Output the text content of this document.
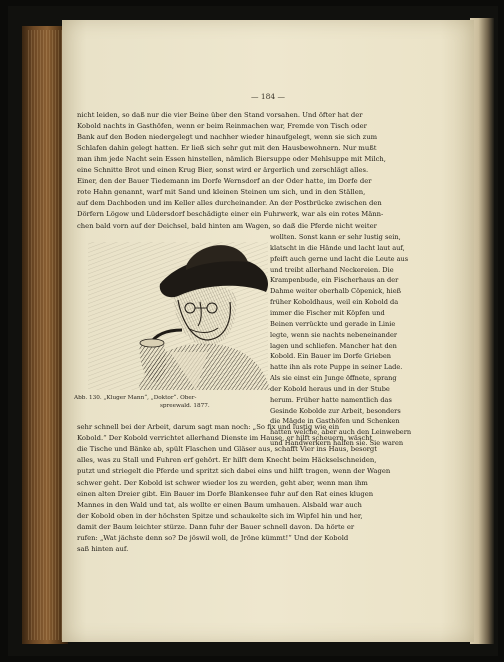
— 184 —
nicht leiden, so daß nur die vier Beine über den Stand vorsahen. Und öfter hat der
Kobold nachts in Gasthöfen, wenn er beim Reinmachen war, Fremde von Tisch oder
Bank auf den Boden niedergelegt und nachher wieder hinaufgelegt, wenn sie sich zum
Schlafen dahin gelegt hatten. Er ließ sich sehr gut mit den Hausbewohnern. Nur mußt
man ihm jede Nacht sein Essen hinstellen, nämlich Biersuppe oder Mehlsuppe mit Milch,
eine Schnitte Brot und einen Krug Bier, sonst wird er ärgerlich und zerschlägt alles.
Einer, den der Bauer Tiedemann im Dorfe Wernsdorf an der Oder hatte, im Dorfe der
rote Hahn genannt, warf mit Sand und kleinen Steinen um sich, und in den Ställen,
auf dem Dachboden und im Keller alles durcheinander. An der Postbrücke zwischen den
Dörfern Lögow und Lüdersdorf beschädigte einer ein Fuhrwerk, war als ein rotes Männ-
chen bald vorn auf der Deichsel, bald hinten am Wagen, so daß die Pferde nicht weiter
wollten. Sonst kann er sehr lustig sein,
klatscht in die Hände und lacht laut auf,
pfeift auch gerne und lacht die Leute aus
und treibt allerhand Neckereien. Die
Krampenbude, ein Fischerhaus an der
Dahme weiter oberhalb Cöpenick, hieß
früher Koboldhaus, weil ein Kobold da
immer die Fischer mit Köpfen und
Beinen verrückte und gerade in Linie
legte, wenn sie nachts nebeneinander
lagen und schliefen. Mancher hat den
Kobold. Ein Bauer im Dorfe Grieben
hatte ihn als rote Puppe in seiner Lade.
Als sie einst ein Junge öffnete, sprang
der Kobold heraus und in der Stube
herum. Früher hatte namentlich das
Gesinde Kobolde zur Arbeit, besonders
die Mägde in Gasthöfen und Schenken
hatten welche, aber auch den Leinwebern
und Handwerkern halfen sie. Sie waren
sehr schnell bei der Arbeit, darum sagt man noch: „So fix und lustig wie ein
Kobold.“ Der Kobold verrichtet allerhand Dienste im Hause, er hilft scheuern, wäscht
die Tische und Bänke ab, spült Flaschen und Gläser aus, schafft Vier ins Haus, besorgt
alles, was zu Stall und Fuhren erf gehört. Er hilft dem Knecht beim Häckselschneiden,
putzt und striegelt die Pferde und spritzt sich dabei eins und hilft tragen, wenn der Wagen
schwer geht. Der Kobold ist schwer wieder los zu werden, geht aber, wenn man ihm
einen alten Dreier gibt. Ein Bauer im Dorfe Blankensee fuhr auf den Rat eines klugen
Mannes in den Wald und tat, als wollte er einen Baum umhauen. Alsbald war auch
der Kobold oben in der höchsten Spitze und schaukelte sich im Wipfel hin und her,
damit der Baum leichter stürze. Dann fuhr der Bauer schnell davon. Da hörte er
rufen: „Wat jächste denn so? De jöswil woll, de Jröne kümmt!“ Und der Kobold
saß hinten auf.
Abb. 130. „Kluger Mann“, „Doktor“. Ober-
spreewald. 1877.
